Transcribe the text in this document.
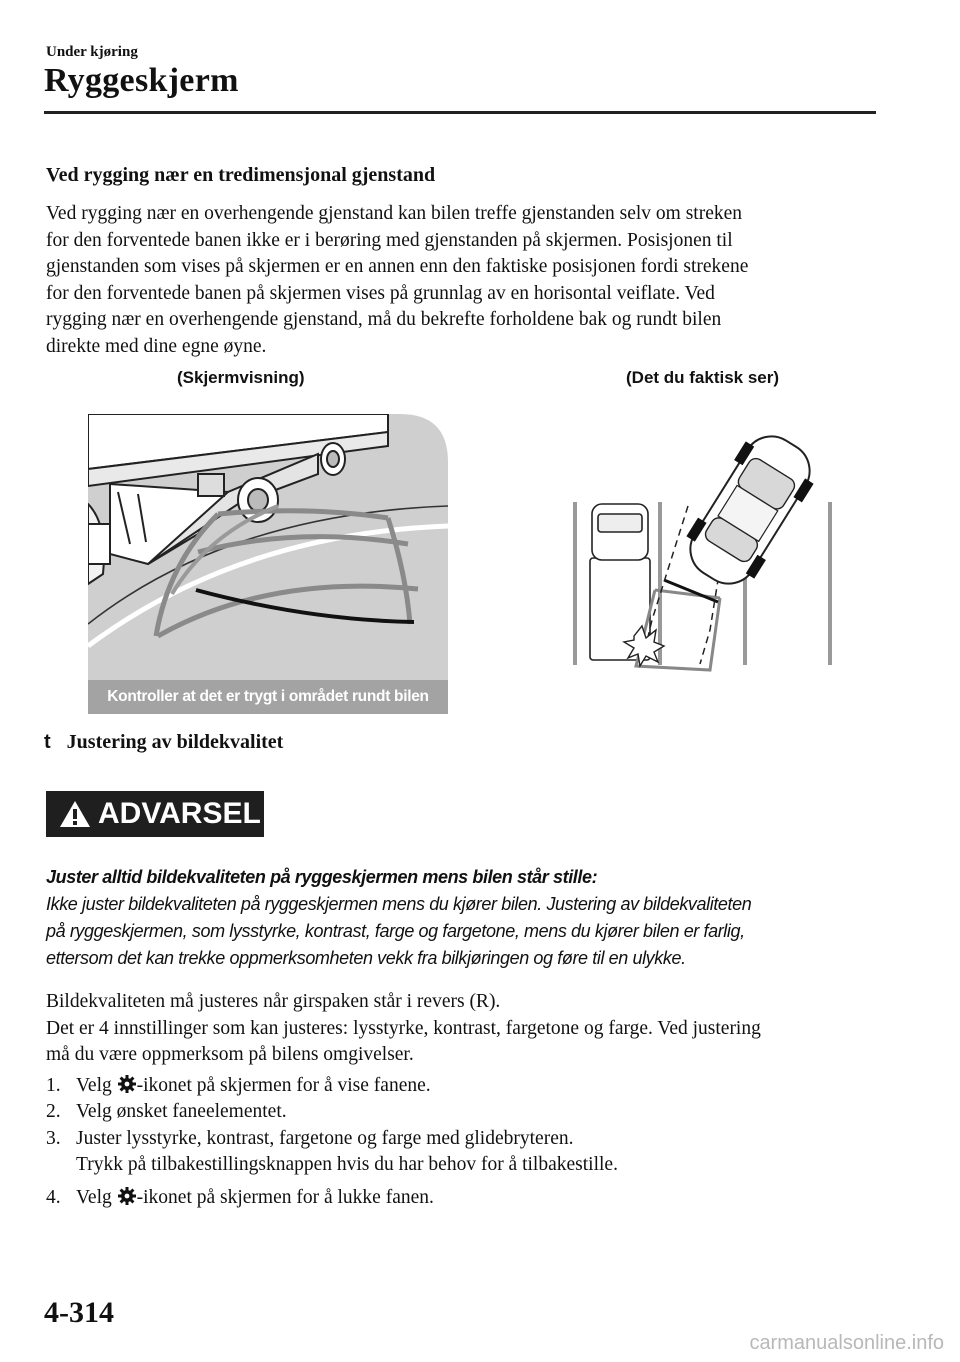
Under kjøring
Ryggeskjerm
Ved rygging nær en tredimensjonal gjenstand

Ved rygging nær en overhengende gjenstand kan bilen treffe gjenstanden selv om streken

for den forventede banen ikke er i berøring med gjenstanden på skjermen. Posisjonen til

gjenstanden som vises på skjermen er en annen enn den faktiske posisjonen fordi strekene

for den forventede banen på skjermen vises på grunnlag av en horisontal veiflate. Ved

rygging nær en overhengende gjenstand, må du bekrefte forholdene bak og rundt bilen

direkte med dine egne øyne.

(Skjermvisning)	(Det du faktisk ser)
Kontroller at det er trygt i området rundt bilen
t Justering av bildekvalitet
ADVARSEL

Juster alltid bildekvaliteten på ryggeskjermen mens bilen står stille:

Ikke juster bildekvaliteten på ryggeskjermen mens du kjører bilen. Justering av bildekvaliteten

på ryggeskjermen, som lysstyrke, kontrast, farge og fargetone, mens du kjører bilen er farlig,

ettersom det kan trekke oppmerksomheten vekk fra bilkjøringen og føre til en ulykke.

Bildekvaliteten må justeres når girspaken står i revers (R).

Det er 4 innstillinger som kan justeres: lysstyrke, kontrast, fargetone og farge. Ved justering

må du være oppmerksom på bilens omgivelser.

1. Velg -ikonet på skjermen for å vise fanene.
2. Velg ønsket faneelementet.
3. Juster lysstyrke, kontrast, fargetone og farge med glidebryteren.
Trykk på tilbakestillingsknappen hvis du har behov for å tilbakestille.
4. Velg -ikonet på skjermen for å lukke fanen.
4-314
carmanualsonline.info
